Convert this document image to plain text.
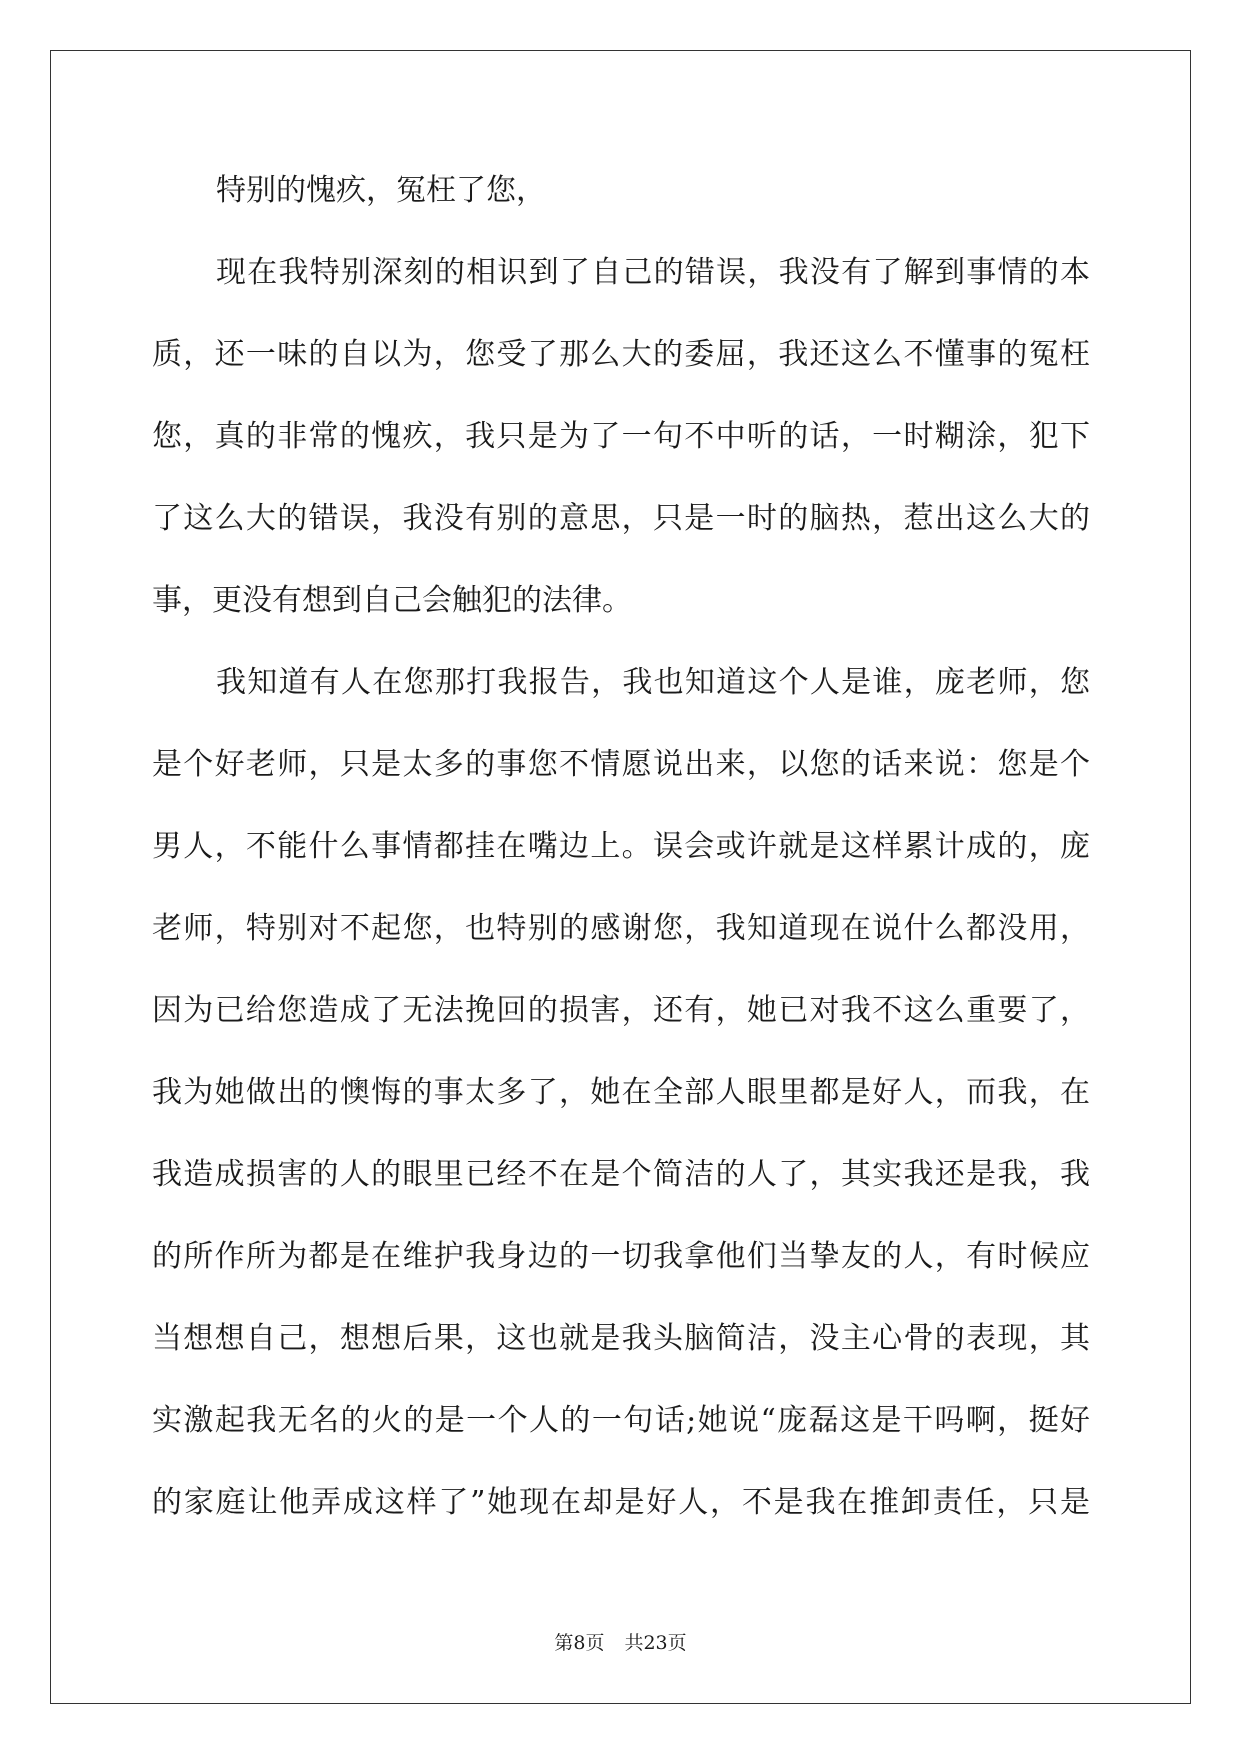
特别的愧疚，冤枉了您，
现在我特别深刻的相识到了自己的错误，我没有了解到事情的本
质，还一味的自以为，您受了那么大的委屈，我还这么不懂事的冤枉
您，真的非常的愧疚，我只是为了一句不中听的话，一时糊涂，犯下
了这么大的错误，我没有别的意思，只是一时的脑热，惹出这么大的
事，更没有想到自己会触犯的法律。
我知道有人在您那打我报告，我也知道这个人是谁，庞老师，您
是个好老师，只是太多的事您不情愿说出来，以您的话来说：您是个
男人，不能什么事情都挂在嘴边上。误会或许就是这样累计成的，庞
老师，特别对不起您，也特别的感谢您，我知道现在说什么都没用，
因为已给您造成了无法挽回的损害，还有，她已对我不这么重要了，
我为她做出的懊悔的事太多了，她在全部人眼里都是好人，而我，在
我造成损害的人的眼里已经不在是个简洁的人了，其实我还是我，我
的所作所为都是在维护我身边的一切我拿他们当挚友的人，有时候应
当想想自己，想想后果，这也就是我头脑简洁，没主心骨的表现，其
实激起我无名的火的是一个人的一句话;她说“庞磊这是干吗啊，挺好
的家庭让他弄成这样了”她现在却是好人，不是我在推卸责任，只是
第8页 共23页
